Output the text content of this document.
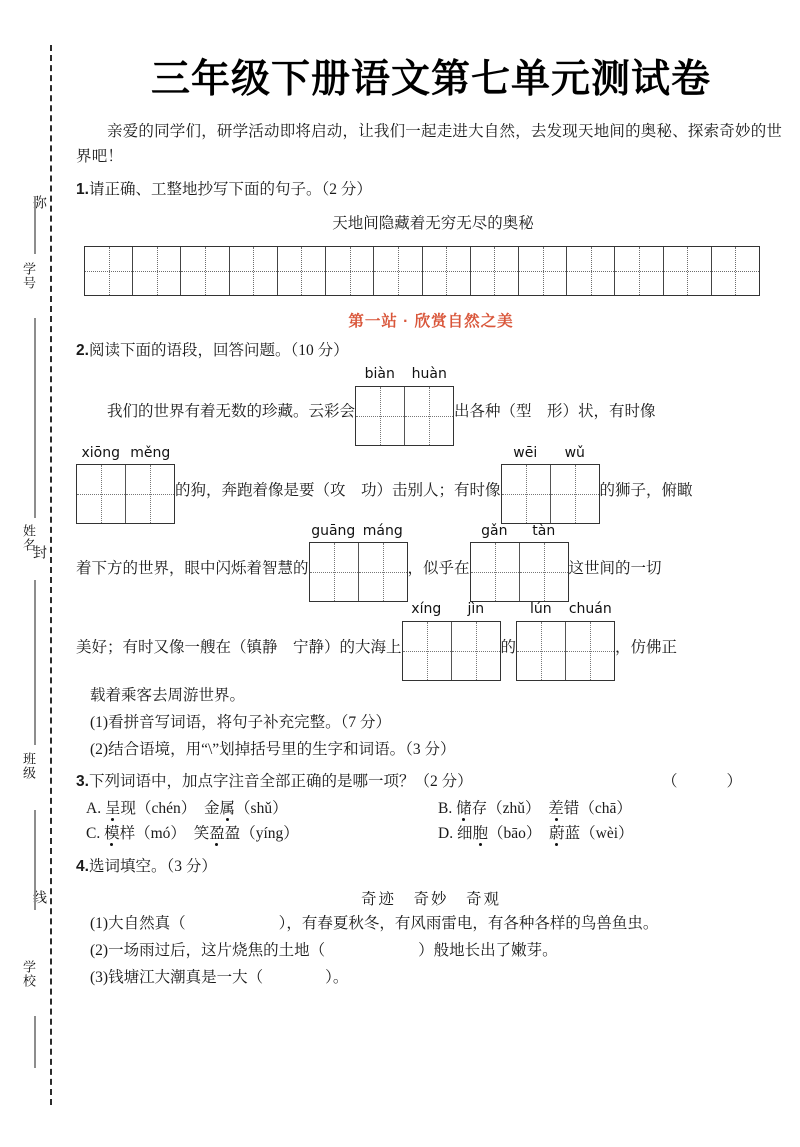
弥
封
线
学号
姓名
班级
学校
三年级下册语文第七单元测试卷

亲爱的同学们，研学活动即将启动，让我们一起走进大自然，去发现天地间的奥秘、探索奇妙的世界吧！

1.请正确、工整地抄写下面的句子。（2 分）
天地间隐藏着无穷无尽的奥秘
第一站 · 欣赏自然之美
2.阅读下面的语段，回答问题。（10 分）
我们的世界有着无数的珍藏。云彩会
biàn	huàn
出各种（型　形）状，有时像
xiōng měng
的狗，奔跑着像是要（攻　功）击别人；有时像
wēi	wǔ
的狮子，俯瞰
着下方的世界，眼中闪烁着智慧的
guāng máng
，似乎在
gǎn	tàn
这世间的一切
美好；有时又像一艘在（镇静　宁静）的大海上
xíng	jìn
的
lún	chuán
，仿佛正
载着乘客去周游世界。
(1)看拼音写词语，将句子补充完整。（7 分）
(2)结合语境，用“\”划掉括号里的生字和词语。（3 分）
3.下列词语中，加点字注音全部正确的是哪一项？（2 分）	（　　）
A. 呈现（chén）　 金属（shǔ）	B. 储存（zhǔ）　 差错（chā）
C. 模样（mó）　 笑盈盈（yíng）	D. 细胞（bāo）　 蔚蓝（wèi）
4.选词填空。（3 分）
奇迹　奇妙　奇观
(1)大自然真（　　　　　　），有春夏秋冬，有风雨雷电，有各种各样的鸟兽鱼虫。
(2)一场雨过后，这片烧焦的土地（　　　　　　）般地长出了嫩芽。
(3)钱塘江大潮真是一大（　　　　）。
